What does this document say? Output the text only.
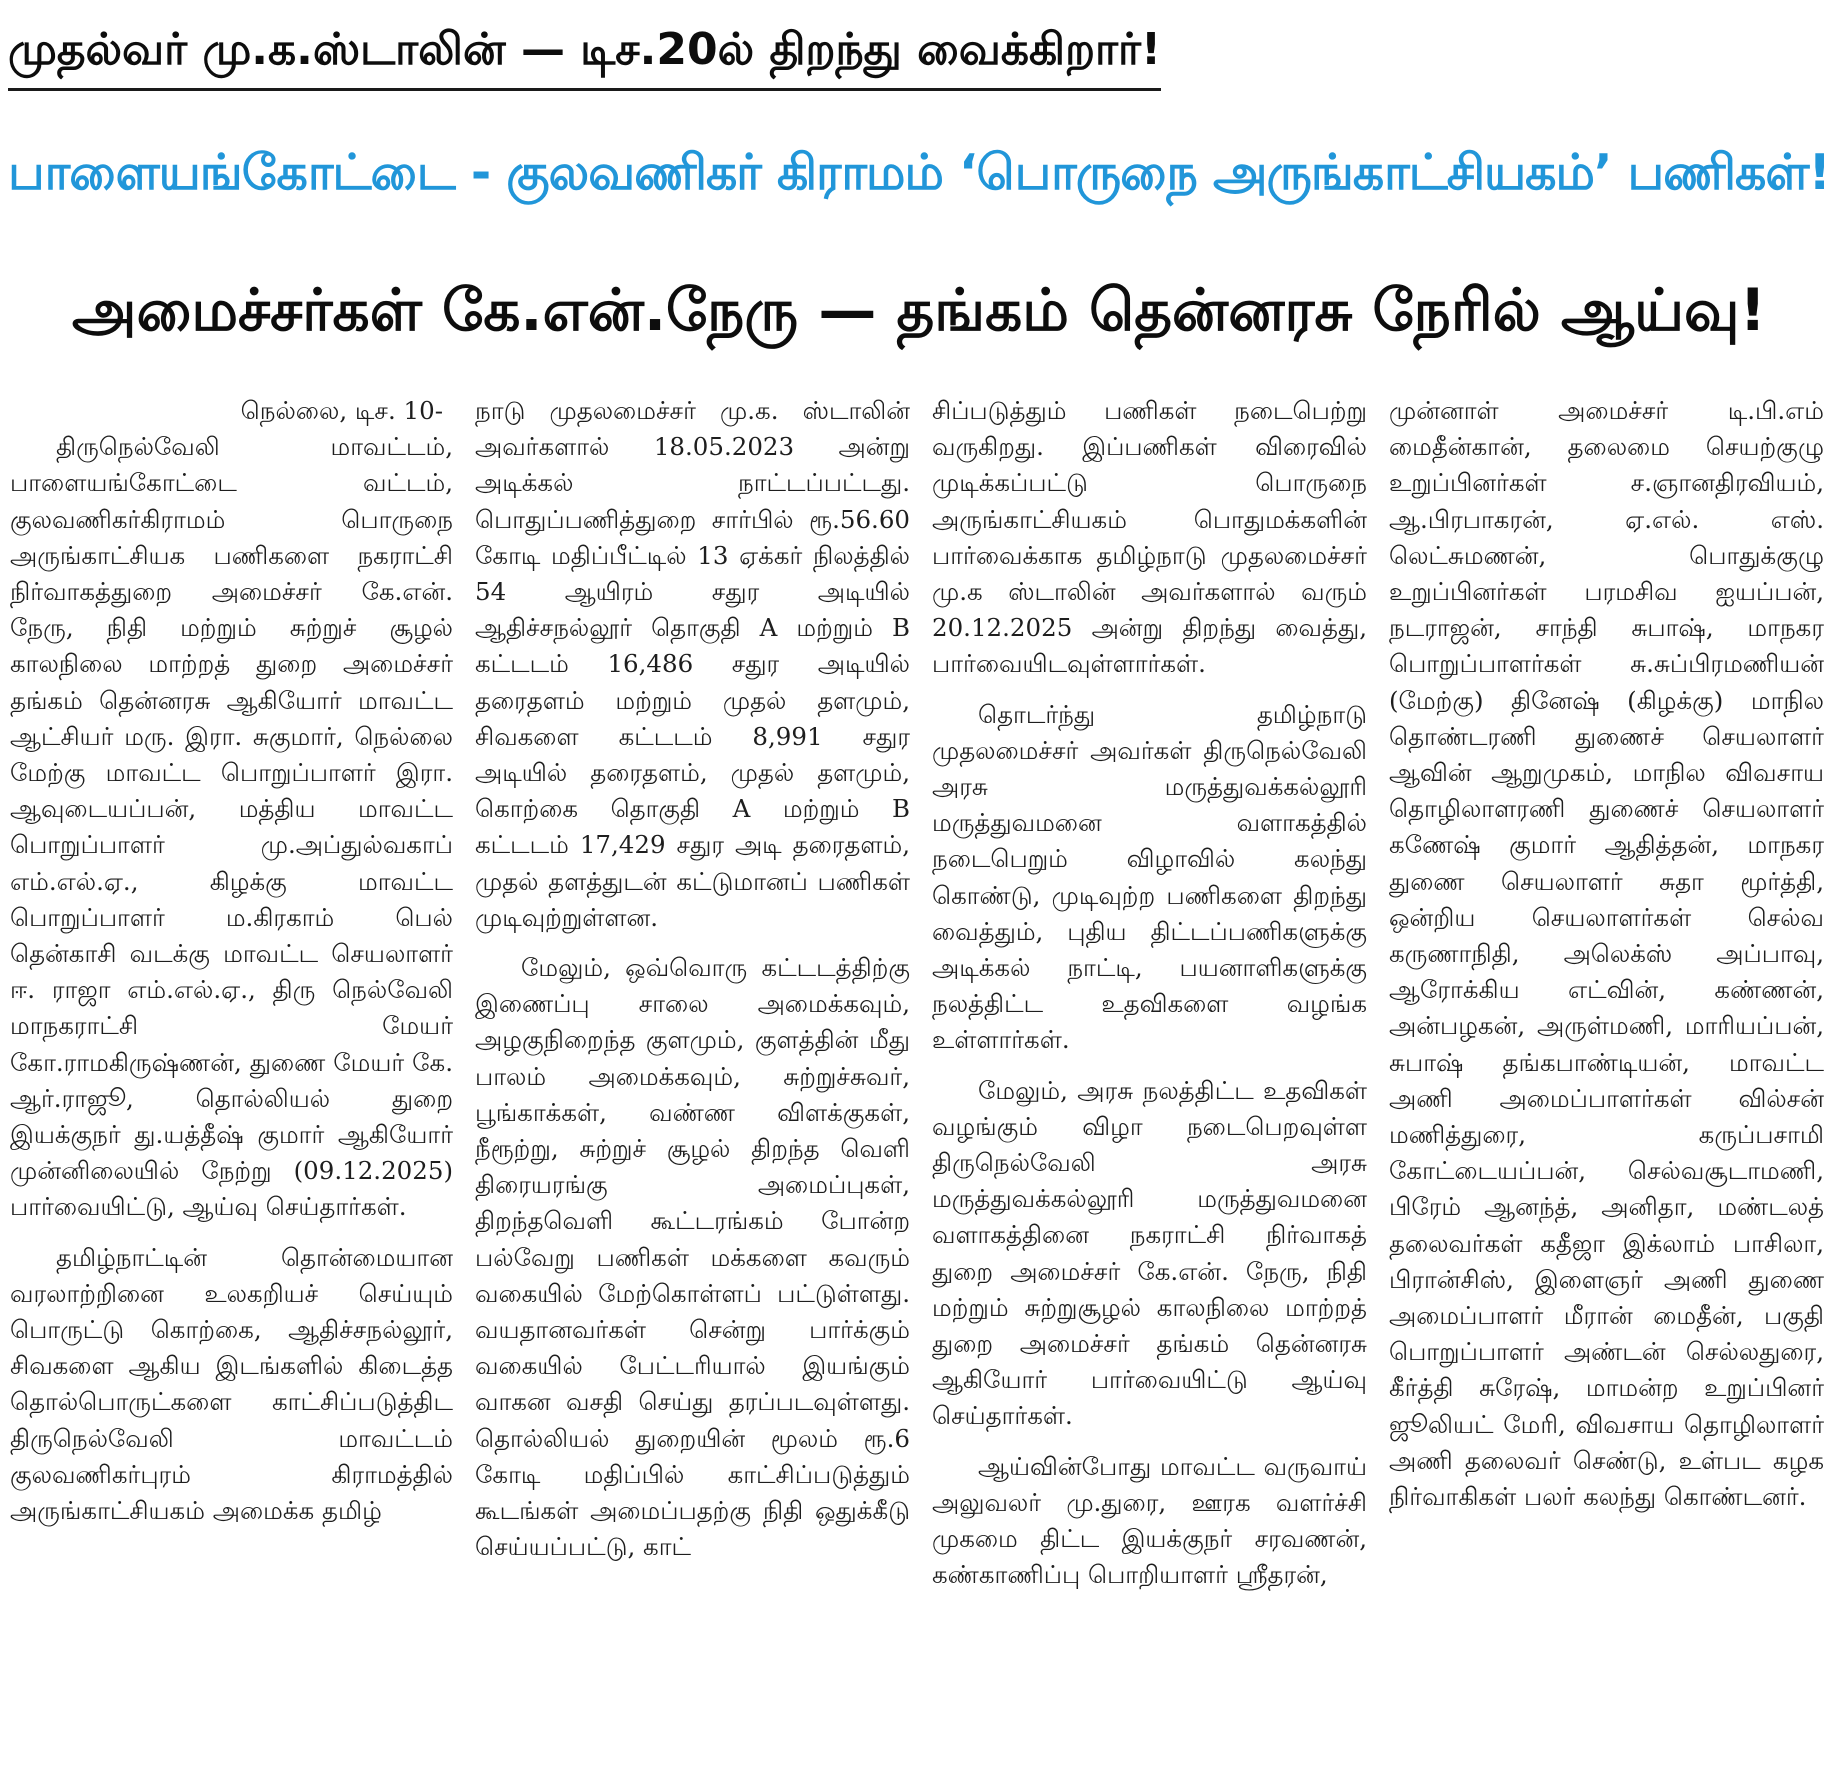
முதல்வர் மு.க.ஸ்டாலின் — டிச.20ல் திறந்து வைக்கிறார்!
பாளையங்கோட்டை - குலவணிகர் கிராமம் ‘பொருநை அருங்காட்சியகம்’ பணிகள்!
அமைச்சர்கள் கே.என்.நேரு — தங்கம் தென்னரசு நேரில் ஆய்வு!

நெல்லை, டிச. 10-

திருநெல்வேலி மாவட்டம், பாளையங்கோட்டை வட்டம், குலவணிகர்கிராமம் பொருநை அருங்காட்சியக பணிகளை நகராட்சி நிர்வாகத்துறை அமைச்சர் கே.என். நேரு, நிதி மற்றும் சுற்றுச் சூழல் காலநிலை மாற்றத் துறை அமைச்சர் தங்கம் தென்னரசு ஆகியோர் மாவட்ட ஆட்சியர் மரு. இரா. சுகுமார், நெல்லை மேற்கு மாவட்ட பொறுப்பாளர் இரா. ஆவுடையப்பன், மத்திய மாவட்ட பொறுப்பாளர் மு.அப்துல்வகாப் எம்.எல்.ஏ., கிழக்கு மாவட்ட பொறுப்பாளர் ம.கிரகாம் பெல் தென்காசி வடக்கு மாவட்ட செயலாளர் ஈ. ராஜா எம்.எல்.ஏ., திரு நெல்வேலி மாநகராட்சி மேயர் கோ.ராமகிருஷ்ணன், துணை மேயர் கே. ஆர்.ராஜூ, தொல்லியல் துறை இயக்குநர் து.யத்தீஷ் குமார் ஆகியோர் முன்னிலையில் நேற்று (09.12.2025) பார்வையிட்டு, ஆய்வு செய்தார்கள்.

தமிழ்நாட்டின் தொன்மையான வரலாற்றினை உலகறியச் செய்யும் பொருட்டு கொற்கை, ஆதிச்சநல்லூர், சிவகளை ஆகிய இடங்களில் கிடைத்த தொல்பொருட்களை காட்சிப்படுத்திட திருநெல்வேலி மாவட்டம் குலவணிகர்புரம் கிராமத்தில் அருங்காட்சியகம் அமைக்க தமிழ்

நாடு முதலமைச்சர் மு.க. ஸ்டாலின் அவர்களால் 18.05.2023 அன்று அடிக்கல் நாட்டப்பட்டது. பொதுப்பணித்துறை சார்பில் ரூ.56.60 கோடி மதிப்பீட்டில் 13 ஏக்கர் நிலத்தில் 54 ஆயிரம் சதுர அடியில் ஆதிச்சநல்லூர் தொகுதி A மற்றும் B கட்டடம் 16,486 சதுர அடியில் தரைதளம் மற்றும் முதல் தளமும், சிவகளை கட்டடம் 8,991 சதுர அடியில் தரைதளம், முதல் தளமும், கொற்கை தொகுதி A மற்றும் B கட்டடம் 17,429 சதுர அடி தரைதளம், முதல் தளத்துடன் கட்டுமானப் பணிகள் முடிவுற்றுள்ளன.

மேலும், ஒவ்வொரு கட்டடத்திற்கு இணைப்பு சாலை அமைக்கவும், அழகுநிறைந்த குளமும், குளத்தின் மீது பாலம் அமைக்கவும், சுற்றுச்சுவர், பூங்காக்கள், வண்ண விளக்குகள், நீரூற்று, சுற்றுச் சூழல் திறந்த வெளி திரையரங்கு அமைப்புகள், திறந்தவெளி கூட்டரங்கம் போன்ற பல்வேறு பணிகள் மக்களை கவரும் வகையில் மேற்கொள்ளப் பட்டுள்ளது. வயதானவர்கள் சென்று பார்க்கும் வகையில் பேட்டரியால் இயங்கும் வாகன வசதி செய்து தரப்படவுள்ளது. தொல்லியல் துறையின் மூலம் ரூ.6 கோடி மதிப்பில் காட்சிப்படுத்தும் கூடங்கள் அமைப்பதற்கு நிதி ஒதுக்கீடு செய்யப்பட்டு, காட்

சிப்படுத்தும் பணிகள் நடைபெற்று வருகிறது. இப்பணிகள் விரைவில் முடிக்கப்பட்டு பொருநை அருங்காட்சியகம் பொதுமக்களின் பார்வைக்காக தமிழ்நாடு முதலமைச்சர் மு.க ஸ்டாலின் அவர்களால் வரும் 20.12.2025 அன்று திறந்து வைத்து, பார்வையிடவுள்ளார்கள்.

தொடர்ந்து தமிழ்நாடு முதலமைச்சர் அவர்கள் திருநெல்வேலி அரசு மருத்துவக்கல்லூரி மருத்துவமனை வளாகத்தில் நடைபெறும் விழாவில் கலந்து கொண்டு, முடிவுற்ற பணிகளை திறந்து வைத்தும், புதிய திட்டப்பணிகளுக்கு அடிக்கல் நாட்டி, பயனாளிகளுக்கு நலத்திட்ட உதவிகளை வழங்க உள்ளார்கள்.

மேலும், அரசு நலத்திட்ட உதவிகள் வழங்கும் விழா நடைபெறவுள்ள திருநெல்வேலி அரசு மருத்துவக்கல்லூரி மருத்துவமனை வளாகத்தினை நகராட்சி நிர்வாகத் துறை அமைச்சர் கே.என். நேரு, நிதி மற்றும் சுற்றுசூழல் காலநிலை மாற்றத் துறை அமைச்சர் தங்கம் தென்னரசு ஆகியோர் பார்வையிட்டு ஆய்வு செய்தார்கள்.

ஆய்வின்போது மாவட்ட வருவாய் அலுவலர் மு.துரை, ஊரக வளர்ச்சி முகமை திட்ட இயக்குநர் சரவணன், கண்காணிப்பு பொறியாளர் ஸ்ரீதரன்,

முன்னாள் அமைச்சர் டி.பி.எம் மைதீன்கான், தலைமை செயற்குழு உறுப்பினர்கள் ச.ஞானதிரவியம், ஆ.பிரபாகரன், ஏ.எல். எஸ். லெட்சுமணன், பொதுக்குழு உறுப்பினர்கள் பரமசிவ ஐயப்பன், நடராஜன், சாந்தி சுபாஷ், மாநகர பொறுப்பாளர்கள் சு.சுப்பிரமணியன் (மேற்கு) தினேஷ் (கிழக்கு) மாநில தொண்டரணி துணைச் செயலாளர் ஆவின் ஆறுமுகம், மாநில விவசாய தொழிலாளரணி துணைச் செயலாளர் கணேஷ் குமார் ஆதித்தன், மாநகர துணை செயலாளர் சுதா மூர்த்தி, ஒன்றிய செயலாளர்கள் செல்வ கருணாநிதி, அலெக்ஸ் அப்பாவு, ஆரோக்கிய எட்வின், கண்ணன், அன்பழகன், அருள்மணி, மாரியப்பன், சுபாஷ் தங்கபாண்டியன், மாவட்ட அணி அமைப்பாளர்கள் வில்சன் மணித்துரை, கருப்பசாமி கோட்டையப்பன், செல்வசூடாமணி, பிரேம் ஆனந்த், அனிதா, மண்டலத் தலைவர்கள் கதீஜா இக்லாம் பாசிலா, பிரான்சிஸ், இளைஞர் அணி துணை அமைப்பாளர் மீரான் மைதீன், பகுதி பொறுப்பாளர் அண்டன் செல்லதுரை, கீர்த்தி சுரேஷ், மாமன்ற உறுப்பினர் ஜூலியட் மேரி, விவசாய தொழிலாளர் அணி தலைவர் செண்டு, உள்பட கழக நிர்வாகிகள் பலர் கலந்து கொண்டனர்.
